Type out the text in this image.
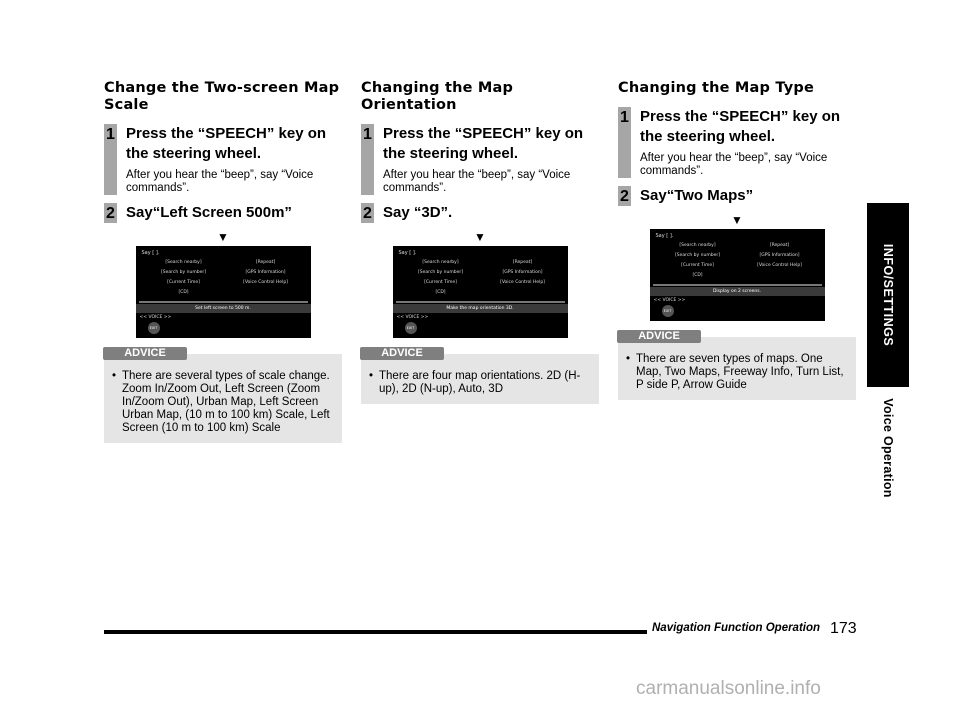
Change the Two-screen Map Scale
1 Press the “SPEECH” key on the steering wheel.
After you hear the “beep”, say “Voice commands”.
2 Say“Left Screen 500m”
▼
Say [ ].
[Search nearby]	[Repeat]
[Search by number]	[GPS Information]
[Current Time]	[Voice Control Help]
[CD]
Set left screen to 500 m.
<< VOICE >>
EXIT
ADVICE
• There are several types of scale change. Zoom In/Zoom Out, Left Screen (Zoom In/Zoom Out), Urban Map, Left Screen Urban Map, (10 m to 100 km) Scale, Left Screen (10 m to 100 km) Scale
Changing the Map Orientation
1 Press the “SPEECH” key on the steering wheel.
After you hear the “beep”, say “Voice commands”.
2 Say “3D”.
▼
Say [ ].
[Search nearby]	[Repeat]
[Search by number]	[GPS Information]
[Current Time]	[Voice Control Help]
[CD]
Make the map orientation 3D.
<< VOICE >>
EXIT
ADVICE
• There are four map orientations. 2D (H-up), 2D (N-up), Auto, 3D
Changing the Map Type
1 Press the “SPEECH” key on the steering wheel.
After you hear the “beep”, say “Voice commands”.
2 Say“Two Maps”
▼
Say [ ].
[Search nearby]	[Repeat]
[Search by number]	[GPS Information]
[Current Time]	[Voice Control Help]
[CD]
Display on 2 screens.
<< VOICE >>
EXIT
ADVICE
• There are seven types of maps. One Map, Two Maps, Freeway Info, Turn List, P side P, Arrow Guide
INFO/SETTINGS
Voice Operation
Navigation Function Operation 173
carmanualsonline.info
